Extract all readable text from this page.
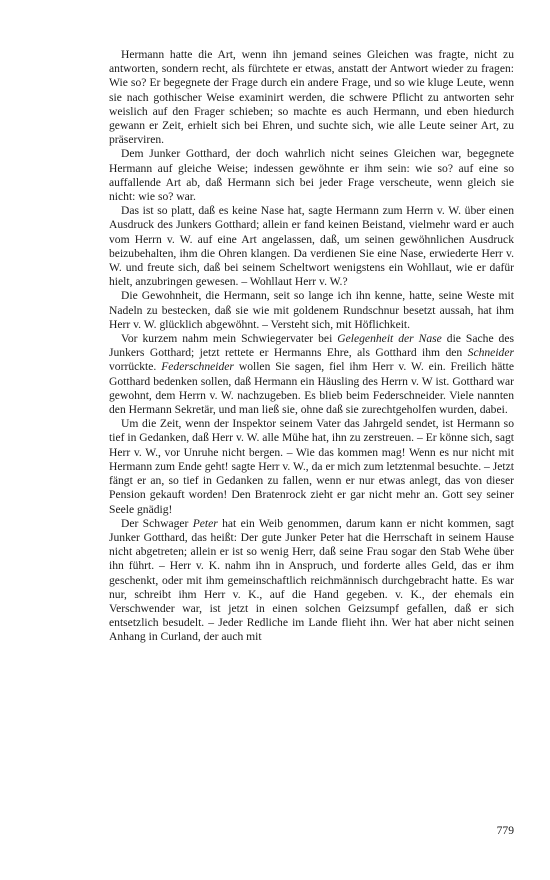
Hermann hatte die Art, wenn ihn jemand seines Gleichen was fragte, nicht zu antworten, sondern recht, als fürchtete er etwas, anstatt der Antwort wieder zu fragen: Wie so? Er begegnete der Frage durch ein andere Frage, und so wie kluge Leute, wenn sie nach gothischer Weise examinirt werden, die schwere Pflicht zu antworten sehr weislich auf den Frager schieben; so machte es auch Hermann, und eben hiedurch gewann er Zeit, erhielt sich bei Ehren, und suchte sich, wie alle Leute seiner Art, zu präserviren.

Dem Junker Gotthard, der doch wahrlich nicht seines Gleichen war, begegnete Hermann auf gleiche Weise; indessen gewöhnte er ihm sein: wie so? auf eine so auffallende Art ab, daß Hermann sich bei jeder Frage verscheute, wenn gleich sie nicht: wie so? war.

Das ist so platt, daß es keine Nase hat, sagte Hermann zum Herrn v. W. über einen Ausdruck des Junkers Gotthard; allein er fand keinen Beistand, vielmehr ward er auch vom Herrn v. W. auf eine Art angelassen, daß, um seinen gewöhnlichen Ausdruck beizubehalten, ihm die Ohren klangen. Da verdienen Sie eine Nase, erwiederte Herr v. W. und freute sich, daß bei seinem Scheltwort wenigstens ein Wohllaut, wie er dafür hielt, anzubringen gewesen. – Wohllaut Herr v. W.?

Die Gewohnheit, die Hermann, seit so lange ich ihn kenne, hatte, seine Weste mit Nadeln zu bestecken, daß sie wie mit goldenem Rundschnur besetzt aussah, hat ihm Herr v. W. glücklich abgewöhnt. – Versteht sich, mit Höflichkeit.

Vor kurzem nahm mein Schwiegervater bei Gelegenheit der Nase die Sache des Junkers Gotthard; jetzt rettete er Hermanns Ehre, als Gotthard ihm den Schneider vorrückte. Federschneider wollen Sie sagen, fiel ihm Herr v. W. ein. Freilich hätte Gotthard bedenken sollen, daß Hermann ein Häusling des Herrn v. W ist. Gotthard war gewohnt, dem Herrn v. W. nachzugeben. Es blieb beim Federschneider. Viele nannten den Hermann Sekretär, und man ließ sie, ohne daß sie zurechtgeholfen wurden, dabei.

Um die Zeit, wenn der Inspektor seinem Vater das Jahrgeld sendet, ist Hermann so tief in Gedanken, daß Herr v. W. alle Mühe hat, ihn zu zerstreuen. – Er könne sich, sagt Herr v. W., vor Unruhe nicht bergen. – Wie das kommen mag! Wenn es nur nicht mit Hermann zum Ende geht! sagte Herr v. W., da er mich zum letztenmal besuchte. – Jetzt fängt er an, so tief in Gedanken zu fallen, wenn er nur etwas anlegt, das von dieser Pension gekauft worden! Den Bratenrock zieht er gar nicht mehr an. Gott sey seiner Seele gnädig!

Der Schwager Peter hat ein Weib genommen, darum kann er nicht kommen, sagt Junker Gotthard, das heißt: Der gute Junker Peter hat die Herrschaft in seinem Hause nicht abgetreten; allein er ist so wenig Herr, daß seine Frau sogar den Stab Wehe über ihn führt. – Herr v. K. nahm ihn in Anspruch, und forderte alles Geld, das er ihm geschenkt, oder mit ihm gemeinschaftlich reichmännisch durchgebracht hatte. Es war nur, schreibt ihm Herr v. K., auf die Hand gegeben. v. K., der ehemals ein Verschwender war, ist jetzt in einen solchen Geizsumpf gefallen, daß er sich entsetzlich besudelt. – Jeder Redliche im Lande flieht ihn. Wer hat aber nicht seinen Anhang in Curland, der auch mit

779
